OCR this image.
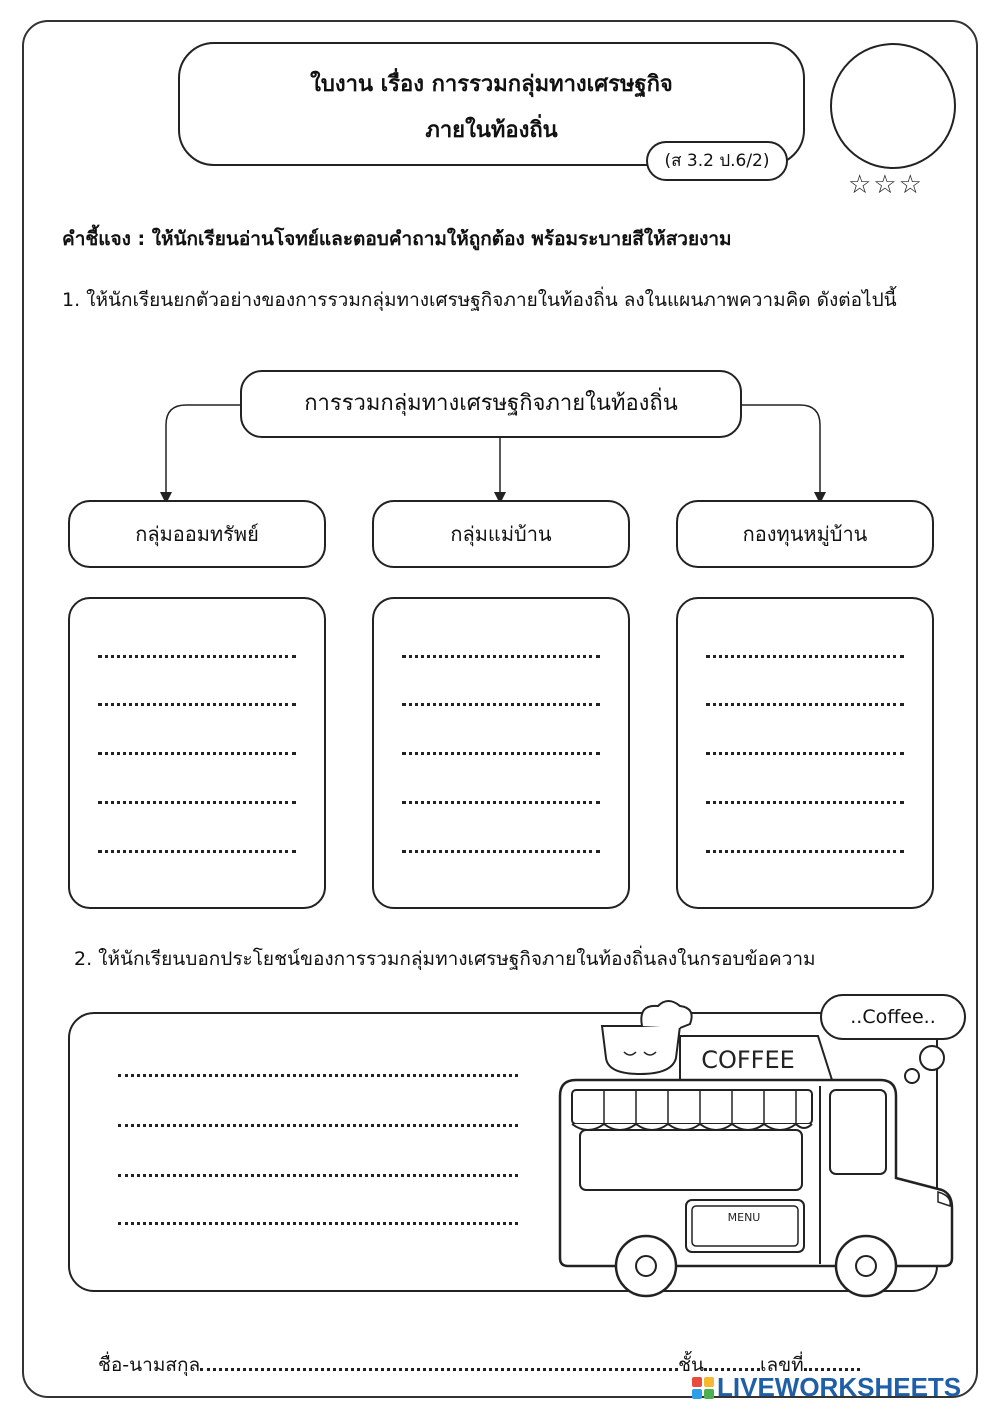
ใบงาน เรื่อง การรวมกลุ่มทางเศรษฐกิจ
ภายในท้องถิ่น
(ส 3.2 ป.6/2)
☆☆☆
คำชี้แจง : ให้นักเรียนอ่านโจทย์และตอบคำถามให้ถูกต้อง พร้อมระบายสีให้สวยงาม
1. ให้นักเรียนยกตัวอย่างของการรวมกลุ่มทางเศรษฐกิจภายในท้องถิ่น ลงในแผนภาพความคิด ดังต่อไปนี้
การรวมกลุ่มทางเศรษฐกิจภายในท้องถิ่น
กลุ่มออมทรัพย์	กลุ่มแม่บ้าน	กองทุนหมู่บ้าน
2. ให้นักเรียนบอกประโยชน์ของการรวมกลุ่มทางเศรษฐกิจภายในท้องถิ่นลงในกรอบข้อความ
COFFEE
MENU
..Coffee..
ชื่อ-นามสกุล	ชั้น	เลขที่
LIVEWORKSHEETS
